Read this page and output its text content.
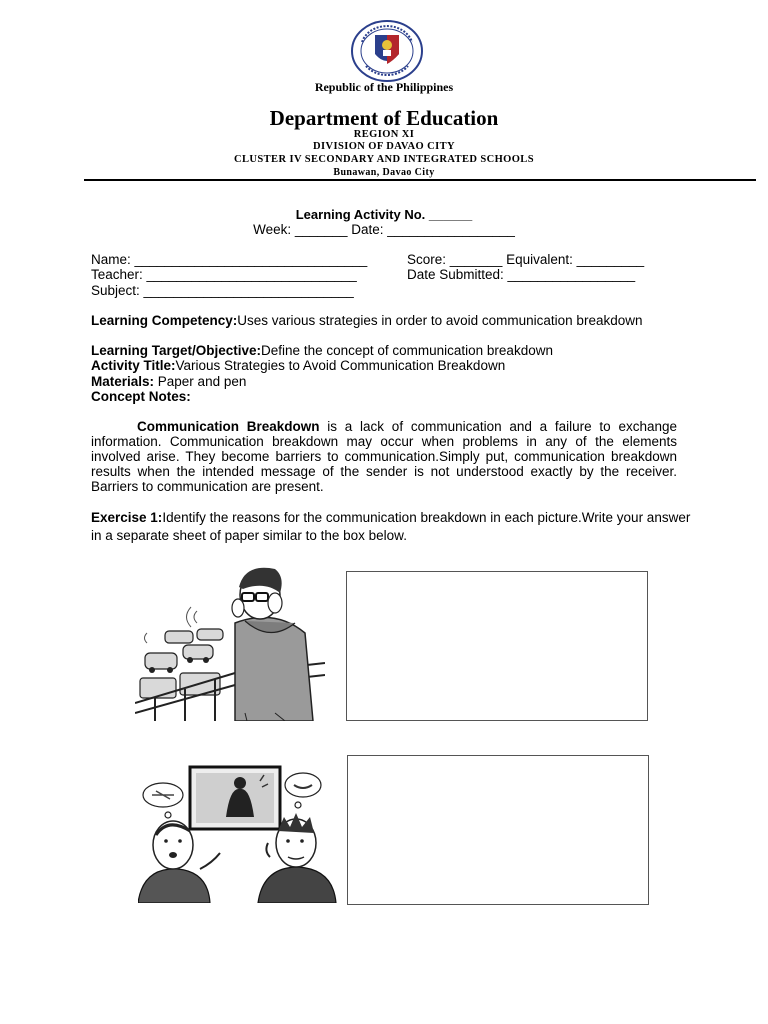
Republic of the Philippines
Department of Education
REGION XI
DIVISION OF DAVAO CITY
CLUSTER IV SECONDARY AND INTEGRATED SCHOOLS
Bunawan, Davao City
Learning Activity No. ______
Week: _______ Date: _________________
Name: _______________________________	Score: _______ Equivalent: _________
Teacher: ____________________________	Date Submitted: _________________
Subject: ____________________________
Learning Competency:Uses various strategies in order to avoid communication breakdown
Learning Target/Objective:Define the concept of communication breakdown
Activity Title:Various Strategies to Avoid Communication Breakdown
Materials: Paper and pen
Concept Notes:
Communication Breakdown is a lack of communication and a failure to exchange information. Communication breakdown may occur when problems in any of the elements involved arise. They become barriers to communication.Simply put, communication breakdown results when the intended message of the sender is not understood exactly by the receiver. Barriers to communication are present.
Exercise 1:Identify the reasons for the communication breakdown in each picture.Write your answer in a separate sheet of paper similar to the box below.
